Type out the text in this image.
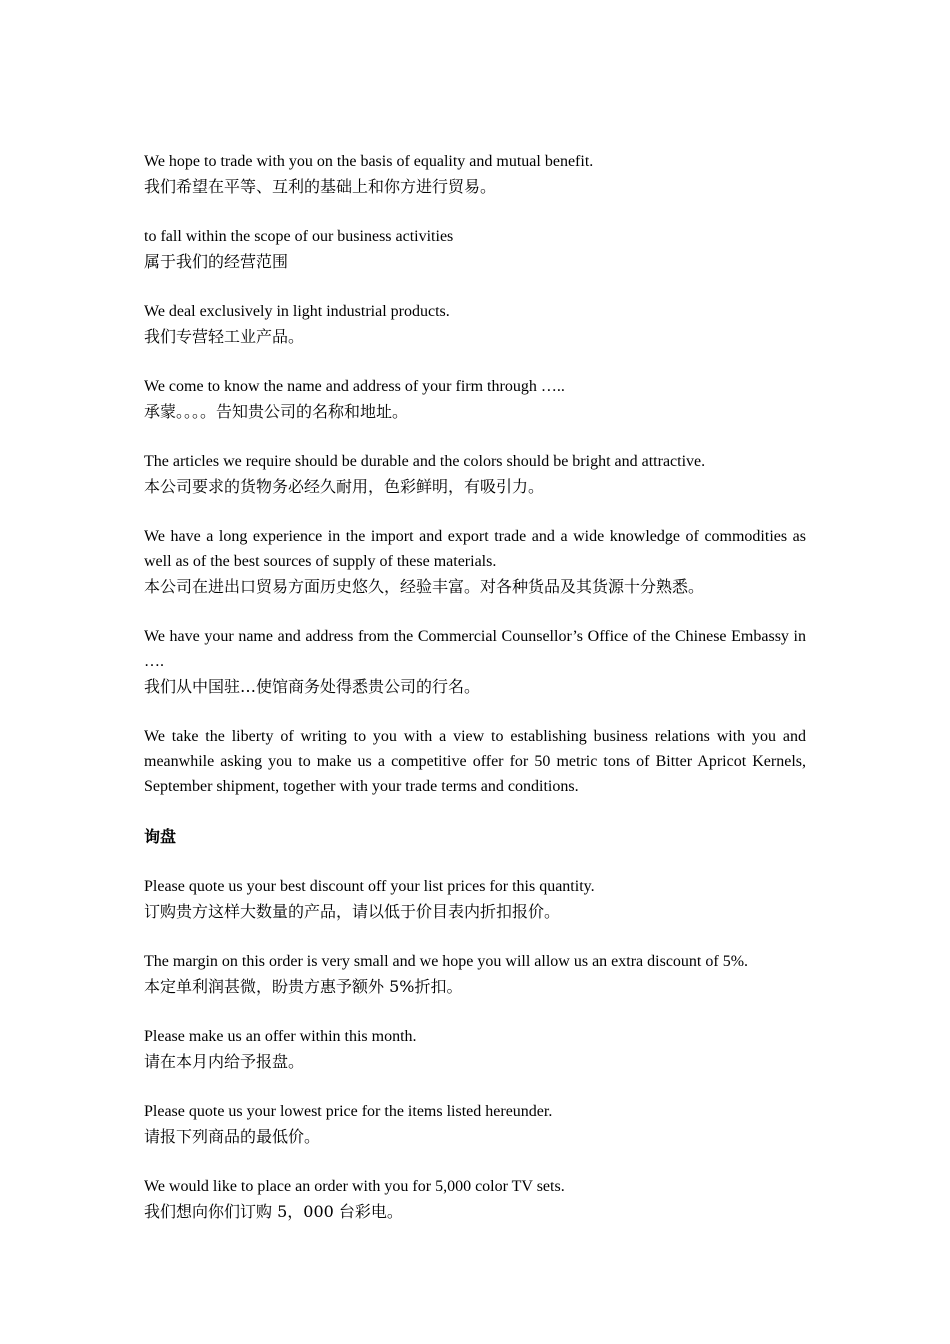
We hope to trade with you on the basis of equality and mutual benefit.

我们希望在平等、互利的基础上和你方进行贸易。

to fall within the scope of our business activities

属于我们的经营范围

We deal exclusively in light industrial products.

我们专营轻工业产品。

We come to know the name and address of your firm through …..

承蒙。。。。告知贵公司的名称和地址。

The articles we require should be durable and the colors should be bright and attractive.

本公司要求的货物务必经久耐用，色彩鲜明，有吸引力。

We have a long experience in the import and export trade and a wide knowledge of commodities as well as of the best sources of supply of these materials.

本公司在进出口贸易方面历史悠久，经验丰富。对各种货品及其货源十分熟悉。

We have your name and address from the Commercial Counsellor’s Office of the Chinese Embassy in ….

我们从中国驻…使馆商务处得悉贵公司的行名。

We take the liberty of writing to you with a view to establishing business relations with you and meanwhile asking you to make us a competitive offer for 50 metric tons of Bitter Apricot Kernels, September shipment, together with your trade terms and conditions.

询盘

Please quote us your best discount off your list prices for this quantity.

订购贵方这样大数量的产品，请以低于价目表内折扣报价。

The margin on this order is very small and we hope you will allow us an extra discount of 5%.

本定单利润甚微，盼贵方惠予额外 5%折扣。

Please make us an offer within this month.

请在本月内给予报盘。

Please quote us your lowest price for the items listed hereunder.

请报下列商品的最低价。

We would like to place an order with you for 5,000 color TV sets.

我们想向你们订购 5，000 台彩电。
